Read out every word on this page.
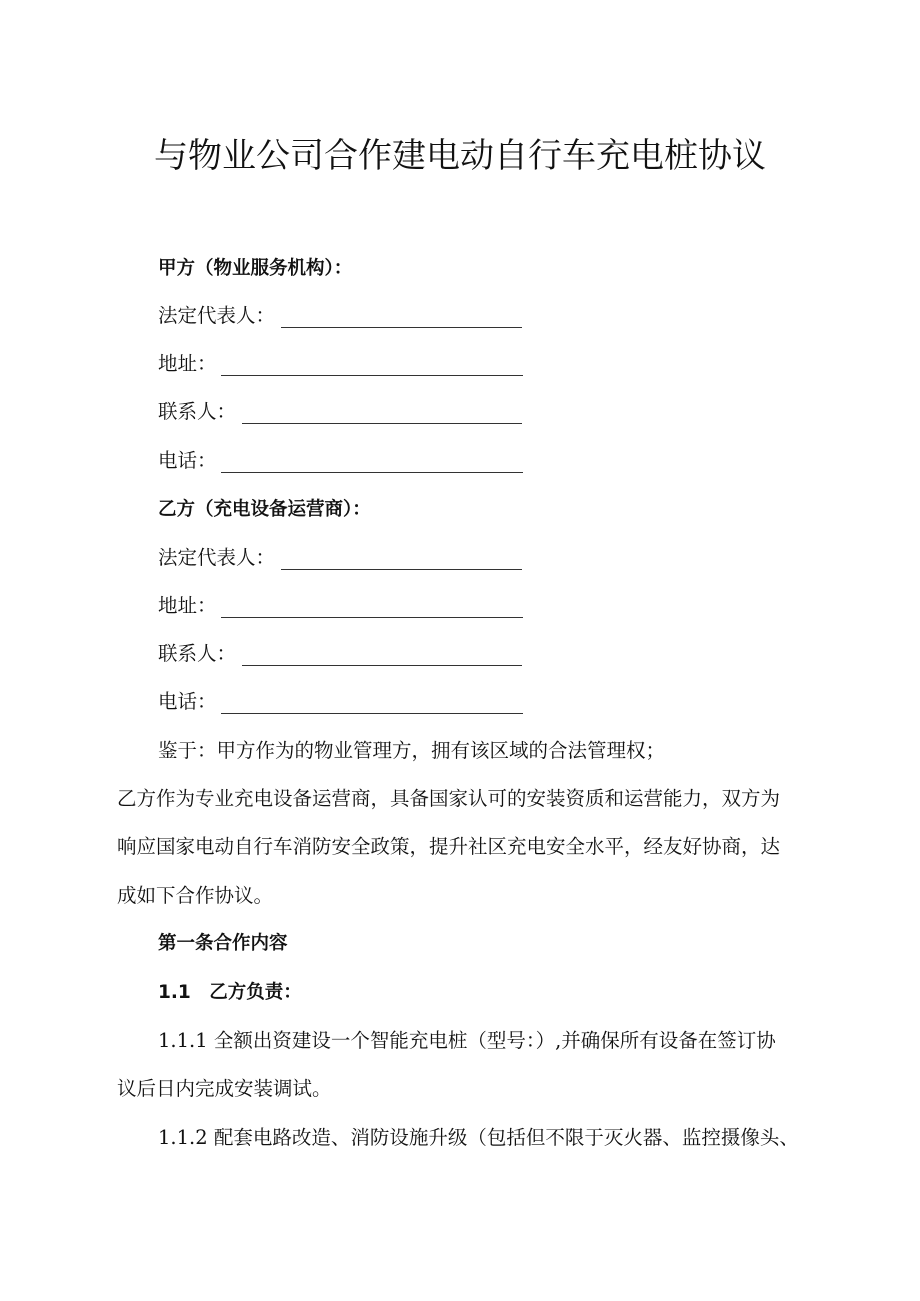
与物业公司合作建电动自行车充电桩协议
甲方（物业服务机构）：
法定代表人：
地址：
联系人：
电话：
乙方（充电设备运营商）：
法定代表人：
地址：
联系人：
电话：
鉴于：甲方作为的物业管理方，拥有该区域的合法管理权；
乙方作为专业充电设备运营商，具备国家认可的安装资质和运营能力，双方为
响应国家电动自行车消防安全政策，提升社区充电安全水平，经友好协商，达
成如下合作协议。
第一条合作内容
1.1　乙方负责：
1.1.1 全额出资建设一个智能充电桩（型号：）,并确保所有设备在签订协
议后日内完成安装调试。
1.1.2 配套电路改造、消防设施升级（包括但不限于灭火器、监控摄像头、
